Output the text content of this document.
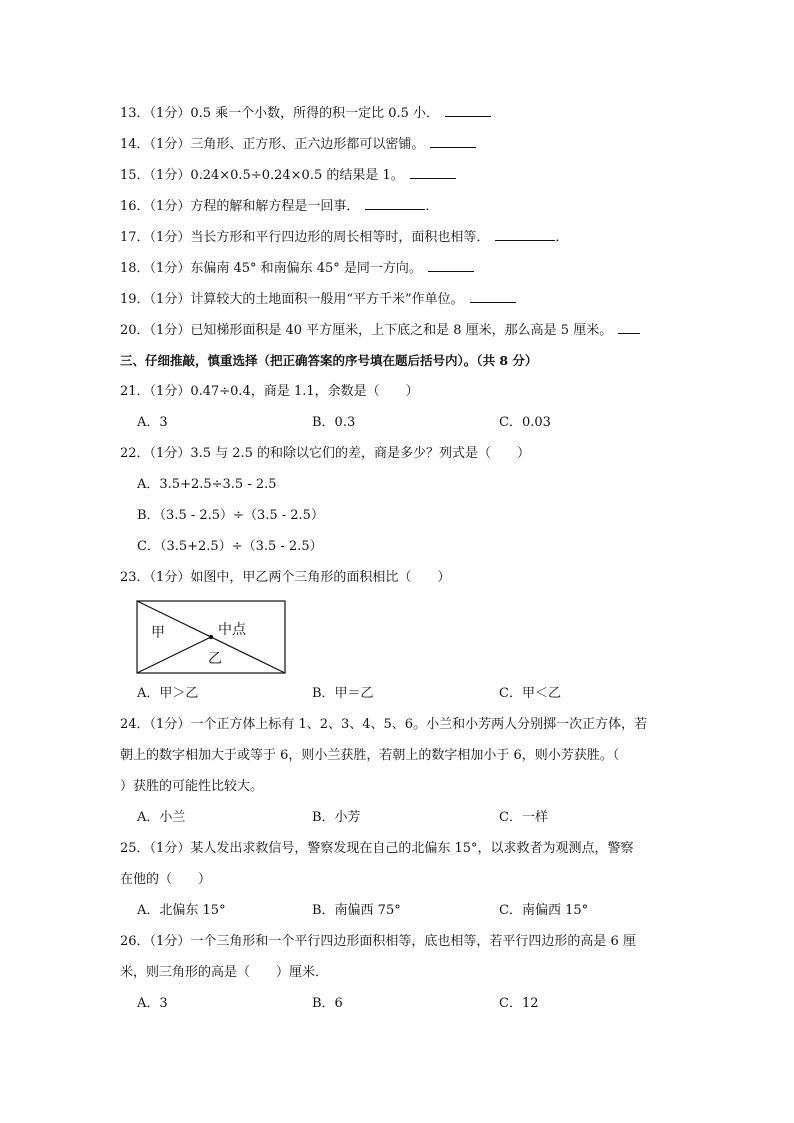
13．（1分）0.5 乘一个小数，所得的积一定比 0.5 小．
14．（1分）三角形、正方形、正六边形都可以密铺。
15．（1分）0.24×0.5÷0.24×0.5 的结果是 1。
16．（1分）方程的解和解方程是一回事．	．
17．（1分）当长方形和平行四边形的周长相等时，面积也相等．	．
18．（1分）东偏南 45° 和南偏东 45° 是同一方向。
19．（1分）计算较大的土地面积一般用“平方千米”作单位。
20．（1分）已知梯形面积是 40 平方厘米，上下底之和是 8 厘米，那么高是 5 厘米。
三、仔细推敲，慎重选择（把正确答案的序号填在题后括号内）。（共 8 分）
21．（1分）0.47÷0.4，商是 1.1，余数是（　　）
A．3	B．0.3	C．0.03
22．（1分）3.5 与 2.5 的和除以它们的差，商是多少？列式是（　　）
A．3.5+2.5÷3.5 - 2.5
B．（3.5 - 2.5）÷（3.5 - 2.5）
C．（3.5+2.5）÷（3.5 - 2.5）
23．（1分）如图中，甲乙两个三角形的面积相比（　　）
甲	中点
乙
A．甲＞乙	B．甲＝乙	C．甲＜乙
24．（1分）一个正方体上标有 1、2、3、4、5、6。小兰和小芳两人分别掷一次正方体，若
朝上的数字相加大于或等于 6，则小兰获胜，若朝上的数字相加小于 6，则小芳获胜。（
）获胜的可能性比较大。
A．小兰	B．小芳	C．一样
25．（1分）某人发出求救信号，警察发现在自己的北偏东 15°，以求救者为观测点，警察
在他的（　　）
A．北偏东 15°	B．南偏西 75°	C．南偏西 15°
26．（1分）一个三角形和一个平行四边形面积相等，底也相等，若平行四边形的高是 6 厘
米，则三角形的高是（　　）厘米．
A．3	B．6	C．12
